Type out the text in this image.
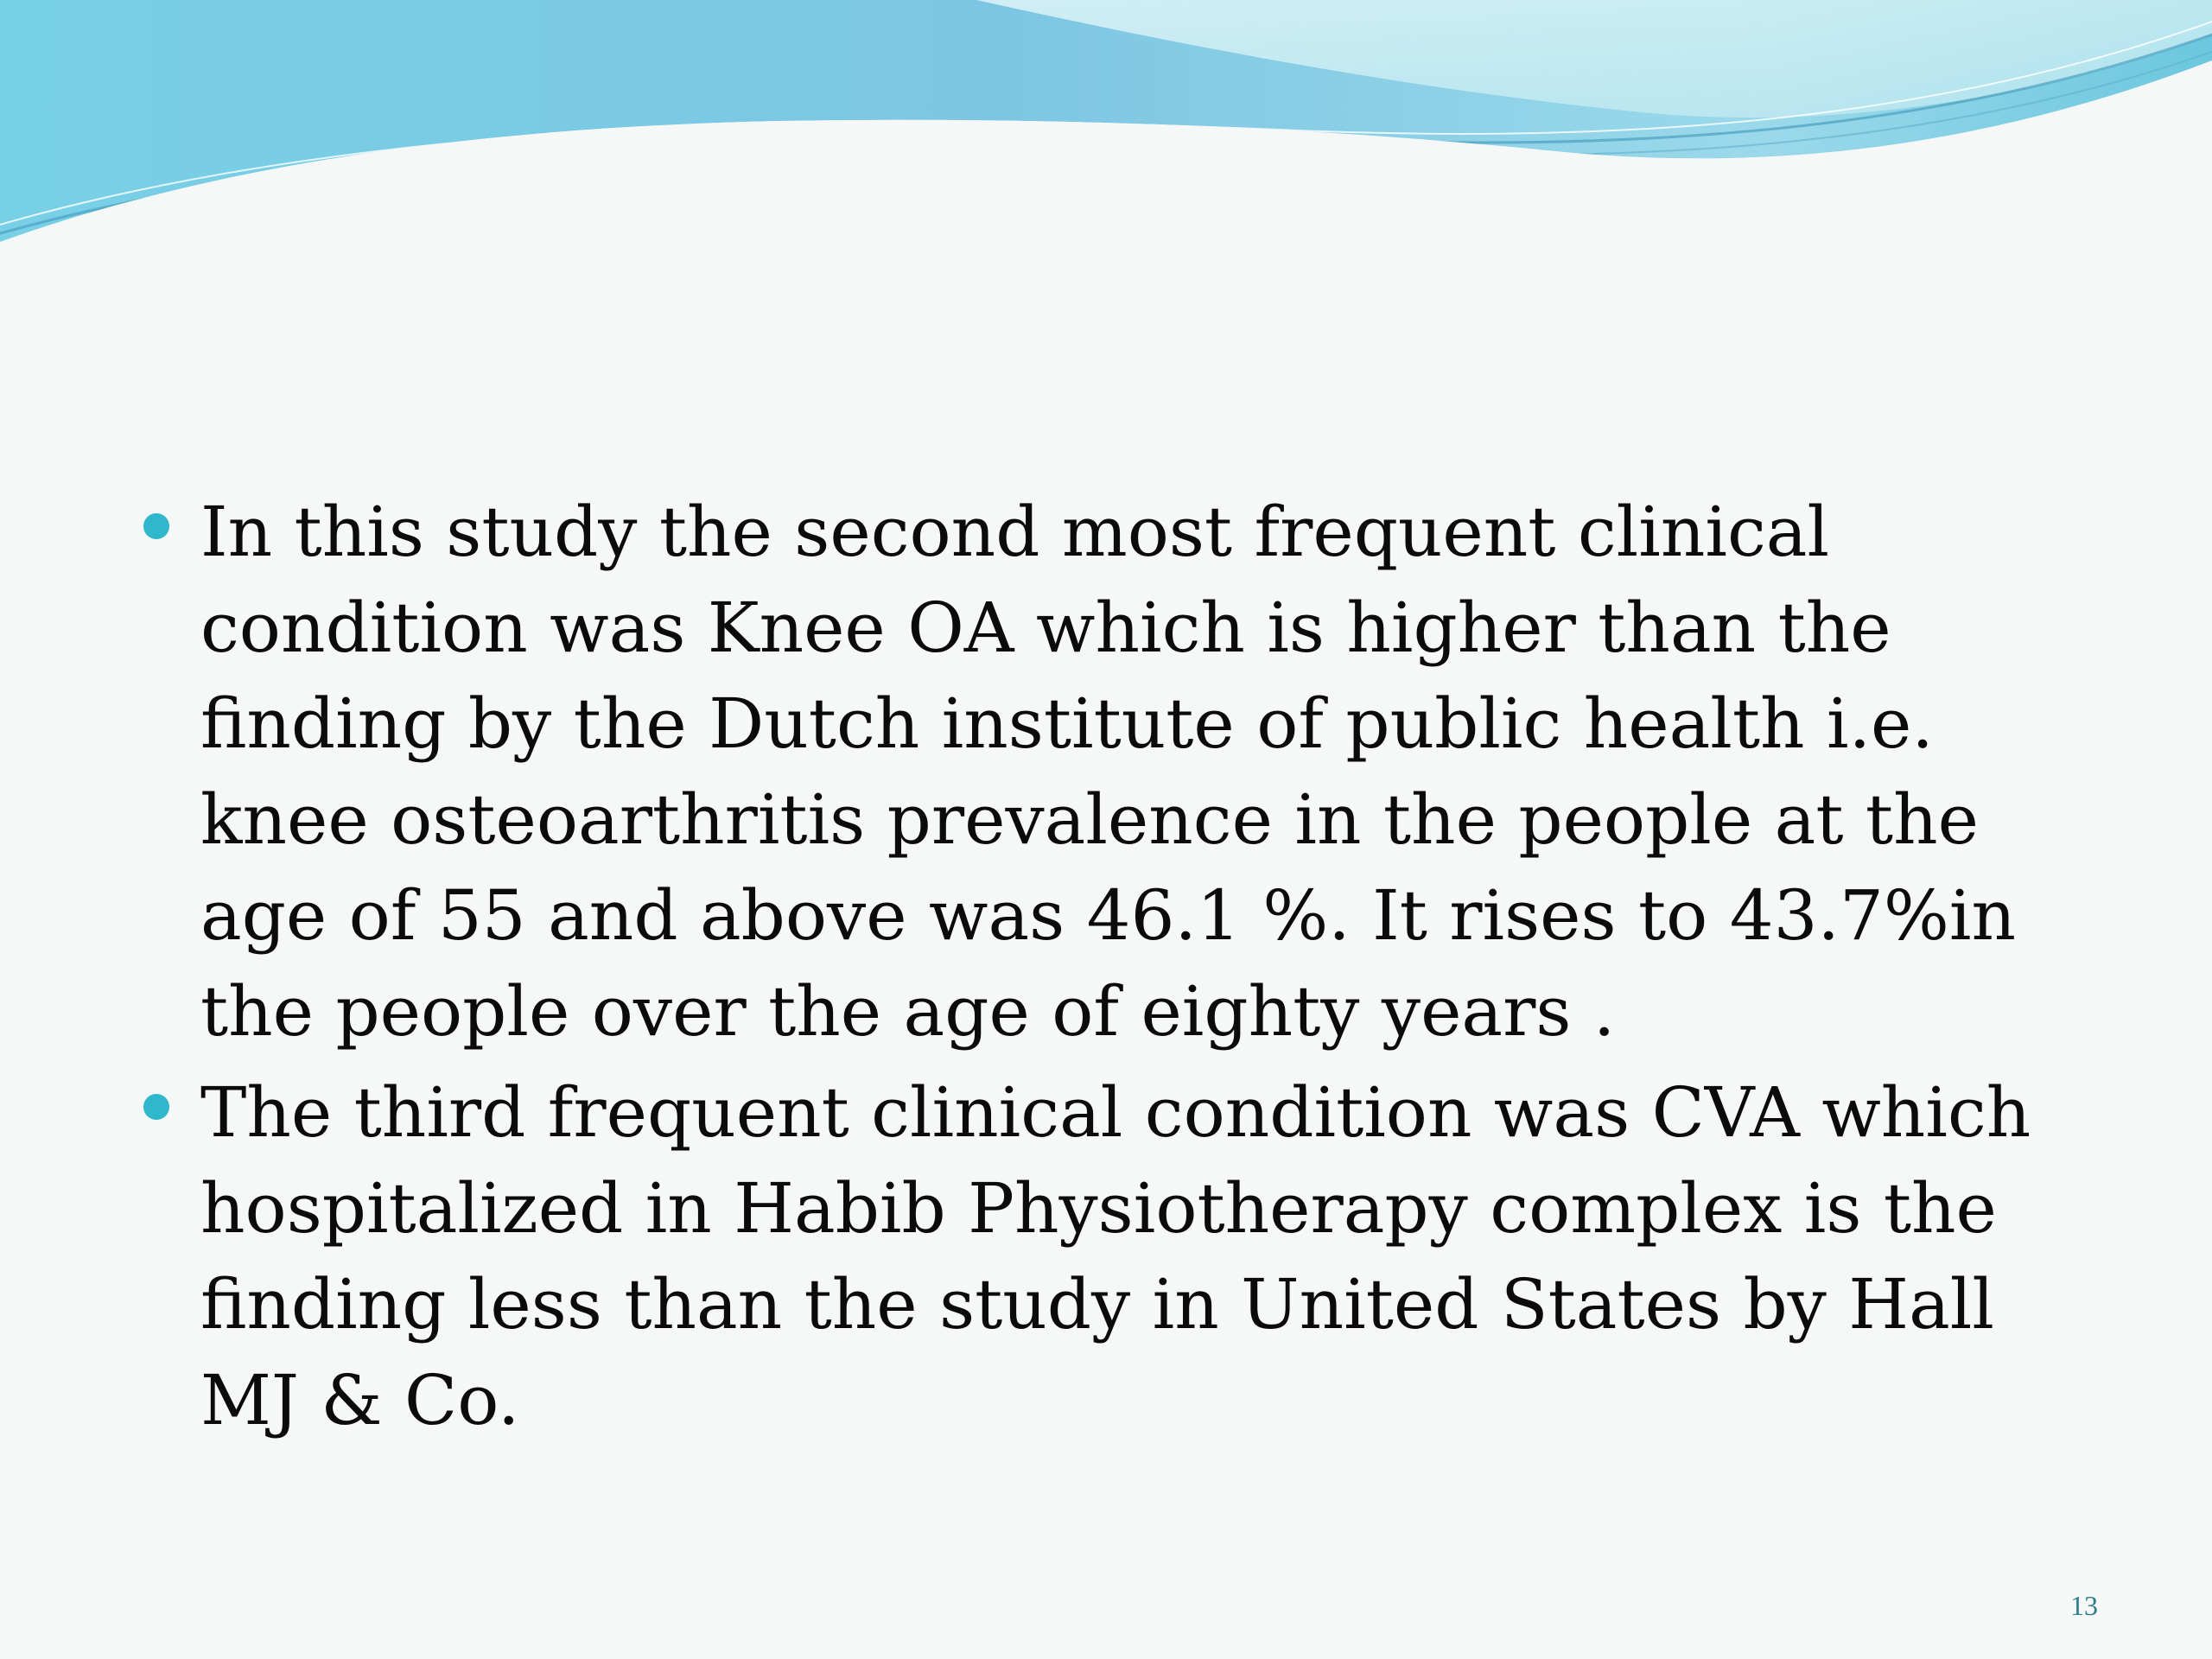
In this study the second most frequent clinical condition was Knee OA which is higher than the finding by the Dutch institute of public health i.e. knee osteoarthritis prevalence in the people at the age of 55 and above was 46.1 %. It rises to 43.7%in the people over the age of eighty years .
The third frequent clinical condition was CVA which hospitalized in Habib Physiotherapy complex is the finding less than the study in United States by Hall MJ & Co.
13
